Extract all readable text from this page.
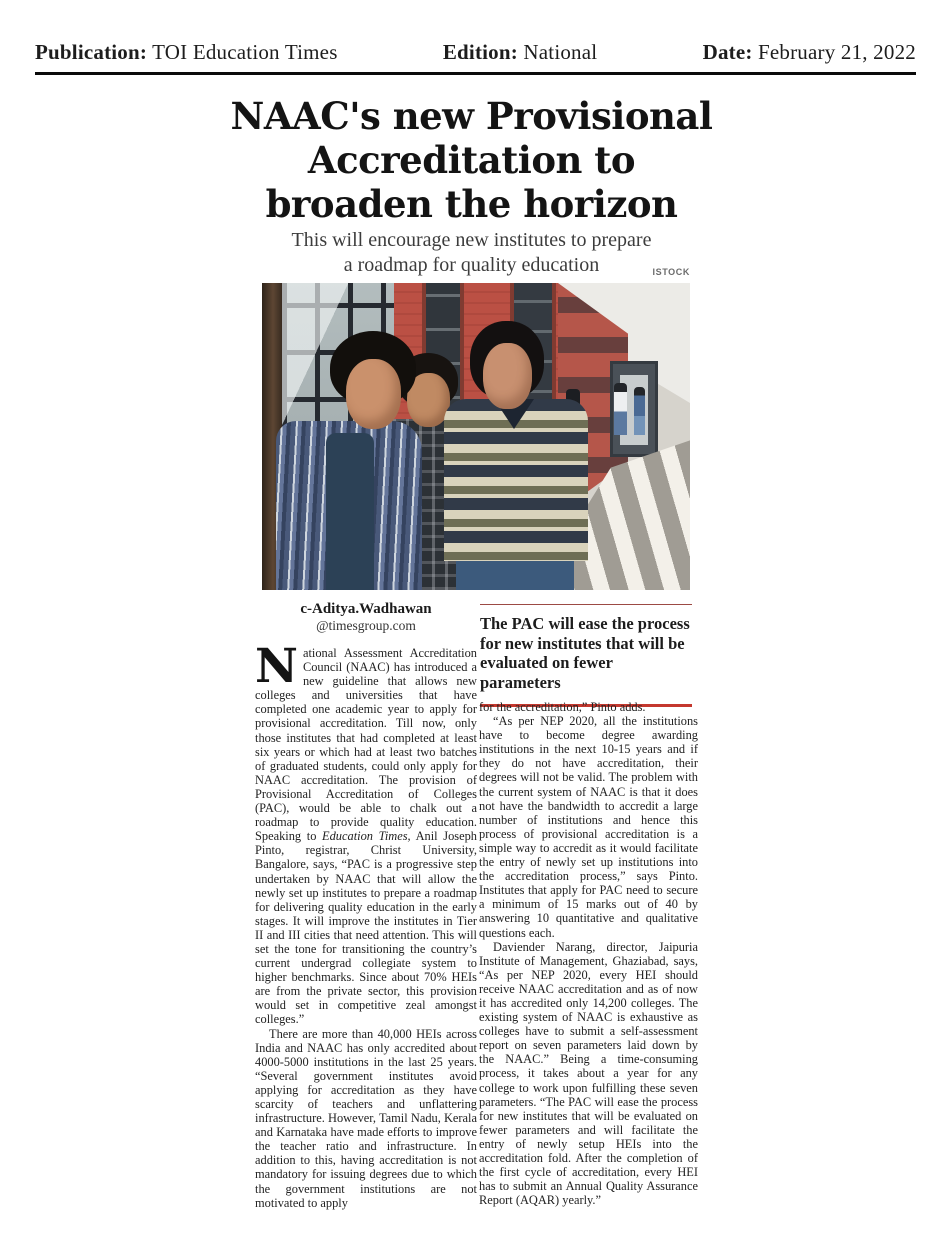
Publication: TOI Education Times	Edition: National	Date: February 21, 2022
NAAC's new Provisional
Accreditation to
broaden the horizon
This will encourage new institutes to prepare
a roadmap for quality education	ISTOCK
c-Aditya.Wadhawan
@timesgroup.com	The PAC will ease the process for new institutes that will be evaluated on fewer parameters

National Assessment Accreditation Council (NAAC) has introduced a new guideline that allows new colleges and universities that have completed one academic year to apply for provisional accreditation. Till now, only those institutes that had completed at least six years or which had at least two batches of graduated students, could only apply for NAAC accreditation. The provision of Provisional Accreditation of Colleges (PAC), would be able to chalk out a roadmap to provide quality education. Speaking to Education Times, Anil Joseph Pinto, registrar, Christ University, Bangalore, says, “PAC is a progressive step undertaken by NAAC that will allow the newly set up institutes to prepare a roadmap for delivering quality education in the early stages. It will improve the institutes in Tier II and III cities that need attention. This will set the tone for transitioning the country’s current undergrad collegiate system to higher benchmarks. Since about 70% HEIs are from the private sector, this provision would set in competitive zeal amongst colleges.”

There are more than 40,000 HEIs across India and NAAC has only accredited about 4000-5000 institutions in the last 25 years. “Several government institutes avoid applying for accreditation as they have scarcity of teachers and unflattering infrastructure. However, Tamil Nadu, Kerala and Karnataka have made efforts to improve the teacher ratio and infrastructure. In addition to this, having accreditation is not mandatory for issuing degrees due to which the government institutions are not motivated to apply

for the accreditation,” Pinto adds.

“As per NEP 2020, all the institutions have to become degree awarding institutions in the next 10-15 years and if they do not have accreditation, their degrees will not be valid. The problem with the current system of NAAC is that it does not have the bandwidth to accredit a large number of institutions and hence this process of provisional accreditation is a simple way to accredit as it would facilitate the entry of newly set up institutions into the accreditation process,” says Pinto. Institutes that apply for PAC need to secure a minimum of 15 marks out of 40 by answering 10 quantitative and qualitative questions each.

Daviender Narang, director, Jaipuria Institute of Management, Ghaziabad, says, “As per NEP 2020, every HEI should receive NAAC accreditation and as of now it has accredited only 14,200 colleges. The existing system of NAAC is exhaustive as colleges have to submit a self-assessment report on seven parameters laid down by the NAAC.” Being a time-consuming process, it takes about a year for any college to work upon fulfilling these seven parameters. “The PAC will ease the process for new institutes that will be evaluated on fewer parameters and will facilitate the entry of newly setup HEIs into the accreditation fold. After the completion of the first cycle of accreditation, every HEI has to submit an Annual Quality Assurance Report (AQAR) yearly.”
